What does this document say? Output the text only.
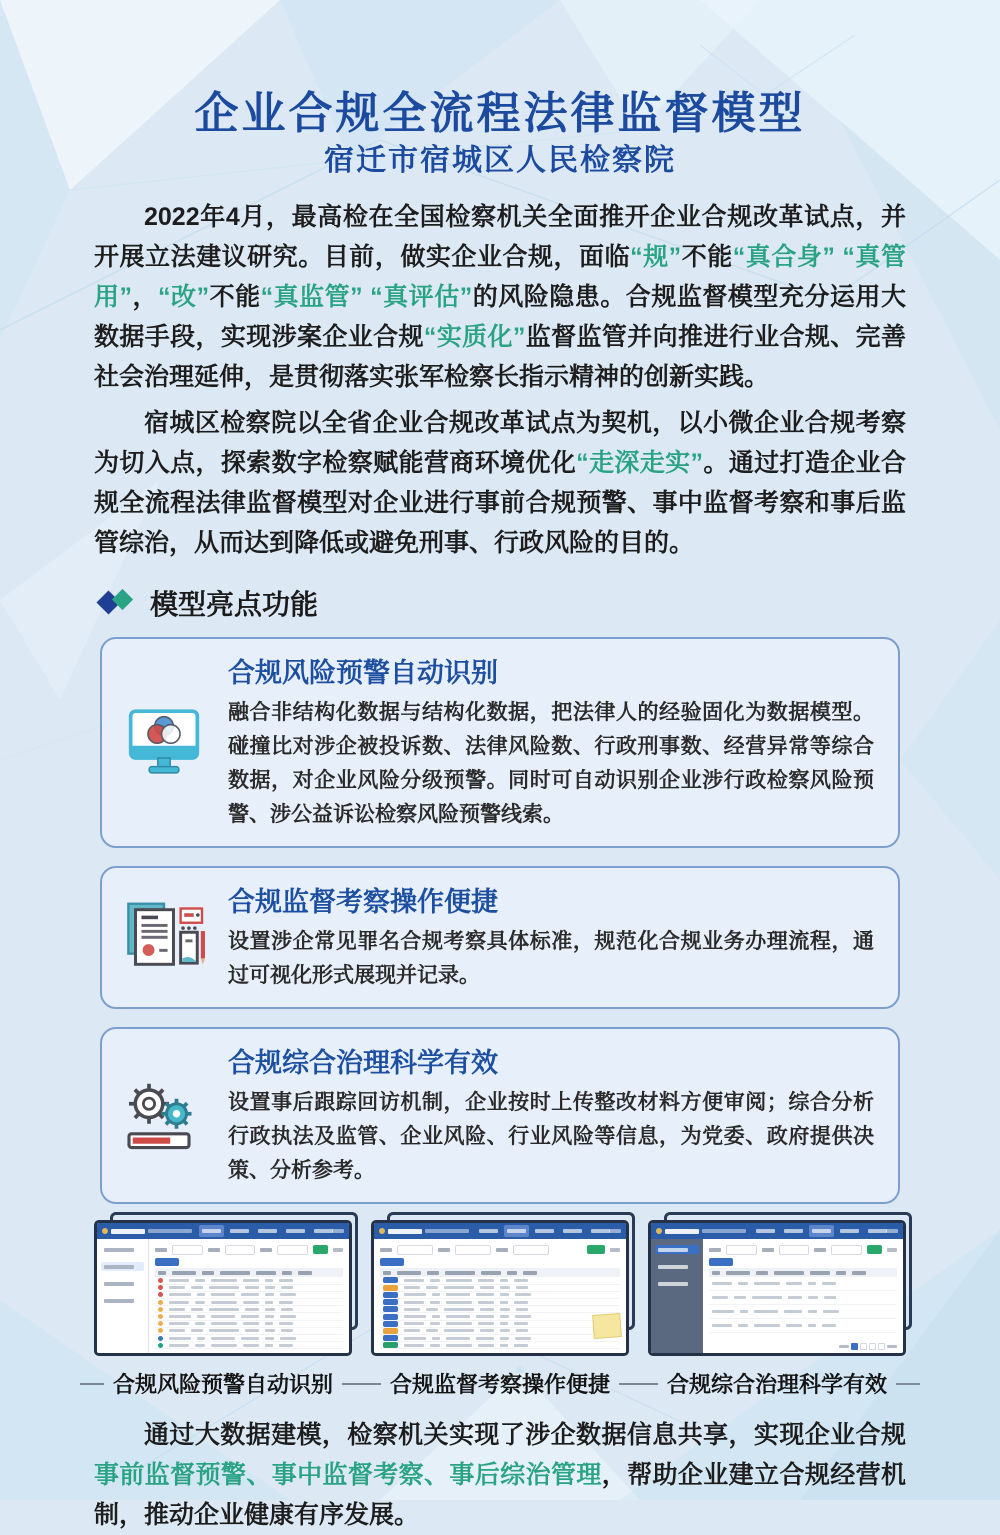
企业合规全流程法律监督模型
宿迁市宿城区人民检察院

2022年4月，最高检在全国检察机关全面推开企业合规改革试点，并开展立法建议研究。目前，做实企业合规，面临“规”不能“真合身” “真管用”，“改”不能“真监管” “真评估”的风险隐患。合规监督模型充分运用大数据手段，实现涉案企业合规“实质化”监督监管并向推进行业合规、完善社会治理延伸，是贯彻落实张军检察长指示精神的创新实践。

宿城区检察院以全省企业合规改革试点为契机，以小微企业合规考察为切入点，探索数字检察赋能营商环境优化“走深走实”。通过打造企业合规全流程法律监督模型对企业进行事前合规预警、事中监督考察和事后监管综治，从而达到降低或避免刑事、行政风险的目的。

模型亮点功能

合规风险预警自动识别

融合非结构化数据与结构化数据，把法律人的经验固化为数据模型。碰撞比对涉企被投诉数、法律风险数、行政刑事数、经营异常等综合数据，对企业风险分级预警。同时可自动识别企业涉行政检察风险预警、涉公益诉讼检察风险预警线索。

合规监督考察操作便捷

设置涉企常见罪名合规考察具体标准，规范化合规业务办理流程，通过可视化形式展现并记录。

合规综合治理科学有效

设置事后跟踪回访机制，企业按时上传整改材料方便审阅；综合分析行政执法及监管、企业风险、行业风险等信息，为党委、政府提供决策、分析参考。

合规风险预警自动识别	合规监督考察操作便捷	合规综合治理科学有效

通过大数据建模，检察机关实现了涉企数据信息共享，实现企业合规事前监督预警、事中监督考察、事后综治管理，帮助企业建立合规经营机制，推动企业健康有序发展。
